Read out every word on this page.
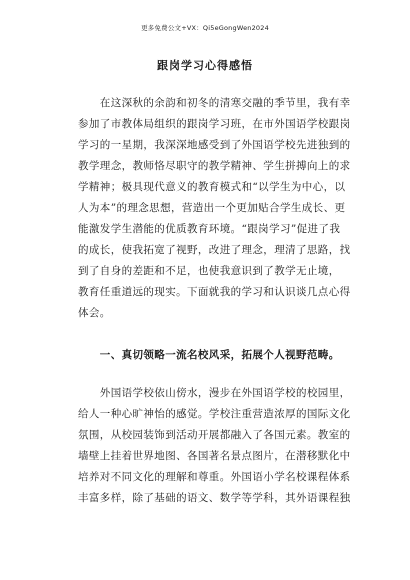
更多免费公文+VX：Qi5eGongWen2024
跟岗学习心得感悟

　　在这深秋的余韵和初冬的清寒交融的季节里，我有幸

参加了市教体局组织的跟岗学习班，在市外国语学校跟岗

学习的一星期，我深深地感受到了外国语学校先进独到的

教学理念，教师恪尽职守的教学精神、学生拼搏向上的求

学精神；极具现代意义的教育模式和“以学生为中心，以

人为本”的理念思想，营造出一个更加贴合学生成长、更

能激发学生潜能的优质教育环境。“跟岗学习”促进了我

的成长，使我拓宽了视野，改进了理念，理清了思路，找

到了自身的差距和不足，也使我意识到了教学无止境，

教育任重道远的现实。下面就我的学习和认识谈几点心得

体会。

　　一、真切领略一流名校风采，拓展个人视野范畴。

　　外国语学校依山傍水，漫步在外国语学校的校园里，

给人一种心旷神怡的感觉。学校注重营造浓厚的国际文化

氛围，从校园装饰到活动开展都融入了各国元素。教室的

墙壁上挂着世界地图、各国著名景点图片，在潜移默化中

培养对不同文化的理解和尊重。外国语小学名校课程体系

丰富多样，除了基础的语文、数学等学科，其外语课程独
